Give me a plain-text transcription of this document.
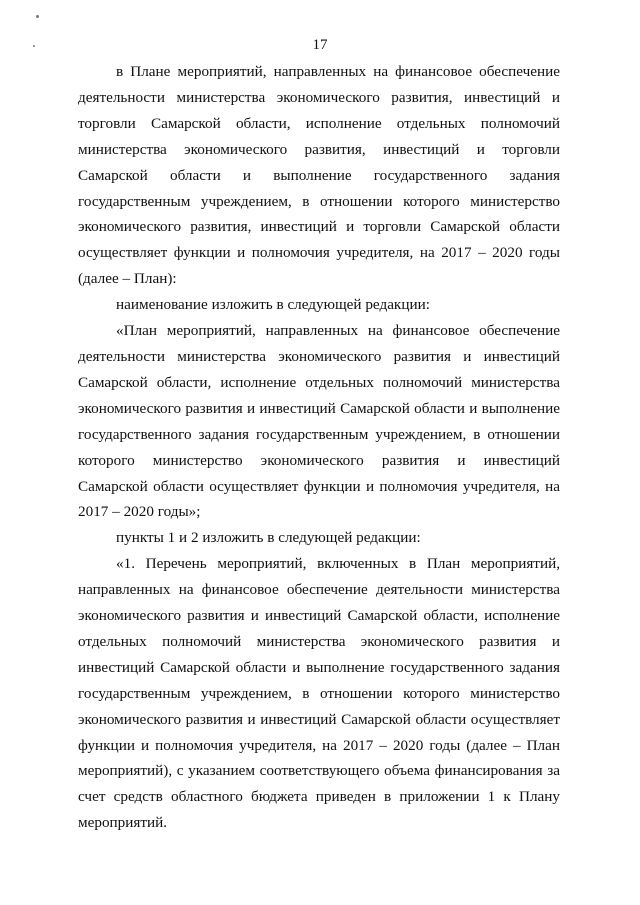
17

в Плане мероприятий, направленных на финансовое обеспечение деятельности министерства экономического развития, инвестиций и торговли Самарской области, исполнение отдельных полномочий министерства экономического развития, инвестиций и торговли Самарской области и выполнение государственного задания государственным учреждением, в отношении которого министерство экономического развития, инвестиций и торговли Самарской области осуществляет функции и полномочия учредителя, на 2017 – 2020 годы (далее – План):

наименование изложить в следующей редакции:

«План мероприятий, направленных на финансовое обеспечение деятельности министерства экономического развития и инвестиций Самарской области, исполнение отдельных полномочий министерства экономического развития и инвестиций Самарской области и выполнение государственного задания государственным учреждением, в отношении которого министерство экономического развития и инвестиций Самарской области осуществляет функции и полномочия учредителя, на 2017 – 2020 годы»;

пункты 1 и 2 изложить в следующей редакции:

«1. Перечень мероприятий, включенных в План мероприятий, направленных на финансовое обеспечение деятельности министерства экономического развития и инвестиций Самарской области, исполнение отдельных полномочий министерства экономического развития и инвестиций Самарской области и выполнение государственного задания государственным учреждением, в отношении которого министерство экономического развития и инвестиций Самарской области осуществляет функции и полномочия учредителя, на 2017 – 2020 годы (далее – План мероприятий), с указанием соответствующего объема финансирования за счет средств областного бюджета приведен в приложении 1 к Плану мероприятий.
